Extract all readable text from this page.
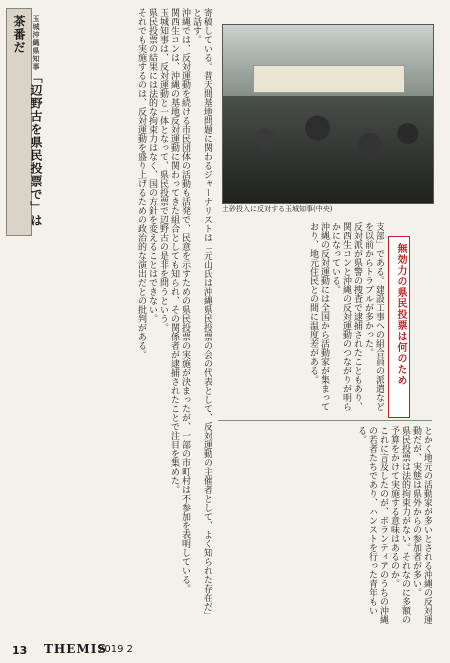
玉城沖縄県知事「辺野古を県民投票で」は茶番だ	寄稿している。普天間基地問題に関わるジャーナリストは「元山氏は沖縄県民投票の会の代表として、反対運動の主催者として、よく知られた存在だ」と話す。

沖縄では、反対運動を続ける市民団体の活動も活発で、民意を示すための県民投票の実施が決まったが、一部の市町村は不参加を表明している。

関西生コンは、沖縄の基地反対運動に関わってきた組合としても知られ、その関係者が逮捕されたことで注目を集めた。

玉城知事は、反対運動と一体となって、県民投票で辺野古の是非を問うという。

県民投票の結果には法的な拘束力はなく、国の方針を変えることはできない。

それでも実施するのは、反対運動を盛り上げるための政治的な演出だとの批判がある。	土砂投入に反対する玉城知事(中央)

支部」である。建設工事への組合員の派遣などを以前からトラブルが多かった。

反対派が県警の捜査で逮捕されたこともあり、関西生コンと沖縄の反対運動のつながりが明らかになっている。

沖縄の反対運動には全国から活動家が集まっており、地元住民との間に温度差がある。	無効力の県民投票は何のため

とかく地元の活動家が多いとされる沖縄の反対運動だが、実態は県外からの参加者が多い。

県民投票は法的拘束力がない。それなのに多額の予算をかけて実施する意味はあるのか。

これに言及したのが、ボランティアのうちの沖縄の若者たちであり、ハンストを行った青年もいる。

13 THEMIS
2019 2
